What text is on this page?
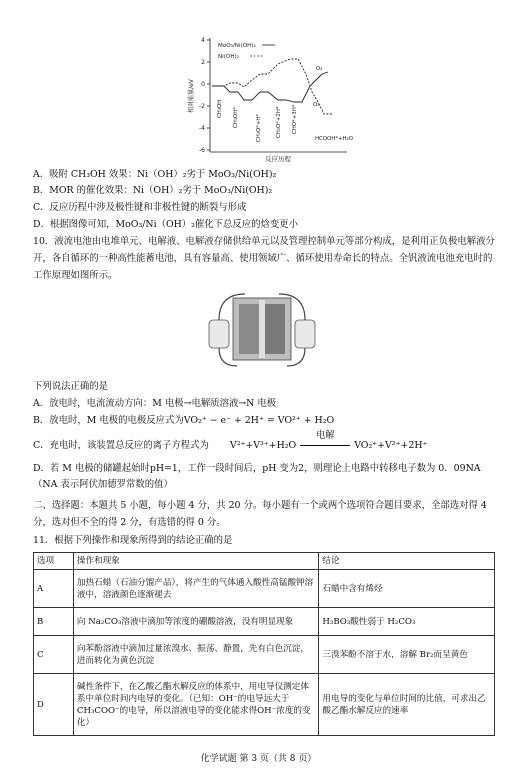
4
2
0
-2
-4
-6
相对能量/eV
反应历程
MoO₃/Ni(OH)₂
Ni(OH)₂
O₂
O₂
CH₃OH CH₃OH*	CH₃O*+H*	CH₂O*+2H* CHO*+3H*
HCOOH*+H₂O
A．吸附 CH₃OH 效果：Ni（OH）₂劣于 MoO₃/Ni(OH)₂
B．MOR 的催化效果：Ni（OH）₂劣于 MoO₃/Ni(OH)₂
C．反应历程中涉及极性键和非极性键的断裂与形成
D．根据图像可知，MoO₃/Ni（OH）₂催化下总反应的焓变更小
10．液流电池由电堆单元、电解液、电解液存储供给单元以及管理控制单元等部分构成，是利用正负极电解液分开，各自循环的一种高性能蓄电池，具有容量高、使用领域广、循环使用寿命长的特点。全钒液流电池充电时的工作原理如图所示。
下列说法正确的是
A．放电时，电流流动方向：M 电极→电解质溶液→N 电极
B．放电时，M 电极的电极反应式为VO₂⁺ − e⁻ + 2H⁺ = VO²⁺ + H₂O
C．充电时，该装置总反应的离子方程式为 V²⁺+V³⁺+H₂O
电解
VO₂⁺+V²⁺+2H⁺
D．若 M 电极的储罐起始时pH=1，工作一段时间后，pH 变为2，则理论上电路中转移电子数为 0．09NA（NA 表示阿伏加德罗常数的值）
二、选择题：本题共 5 小题，每小题 4 分，共 20 分。每小题有一个或两个选项符合题目要求，全部选对得 4 分，选对但不全的得 2 分，有选错的得 0 分。
11．根据下列操作和现象所得到的结论正确的是
选项	操作和现象	结论
A	加热石蜡（石油分馏产品），将产生的气体通入酸性高锰酸钾溶液中，溶液颜色逐渐褪去	石蜡中含有烯烃
B	向 Na₂CO₃溶液中滴加等浓度的硼酸溶液，没有明显现象	H₃BO₃酸性弱于 H₂CO₃
C	向苯酚溶液中滴加过量浓溴水、振荡、静置，先有白色沉淀，进而转化为黄色沉淀	三溴苯酚不溶于水，溶解 Br₂而呈黄色
D	碱性条件下，在乙酸乙酯水解反应的体系中，用电导仪测定体系中单位时间内电导的变化。（已知：OH⁻的电导远大于 CH₃COO⁻的电导，所以溶液电导的变化能求得OH⁻浓度的变化）	用电导的变化与单位时间的比值，可求出乙酸乙酯水解反应的速率
化学试题 第 3 页（共 8 页）
